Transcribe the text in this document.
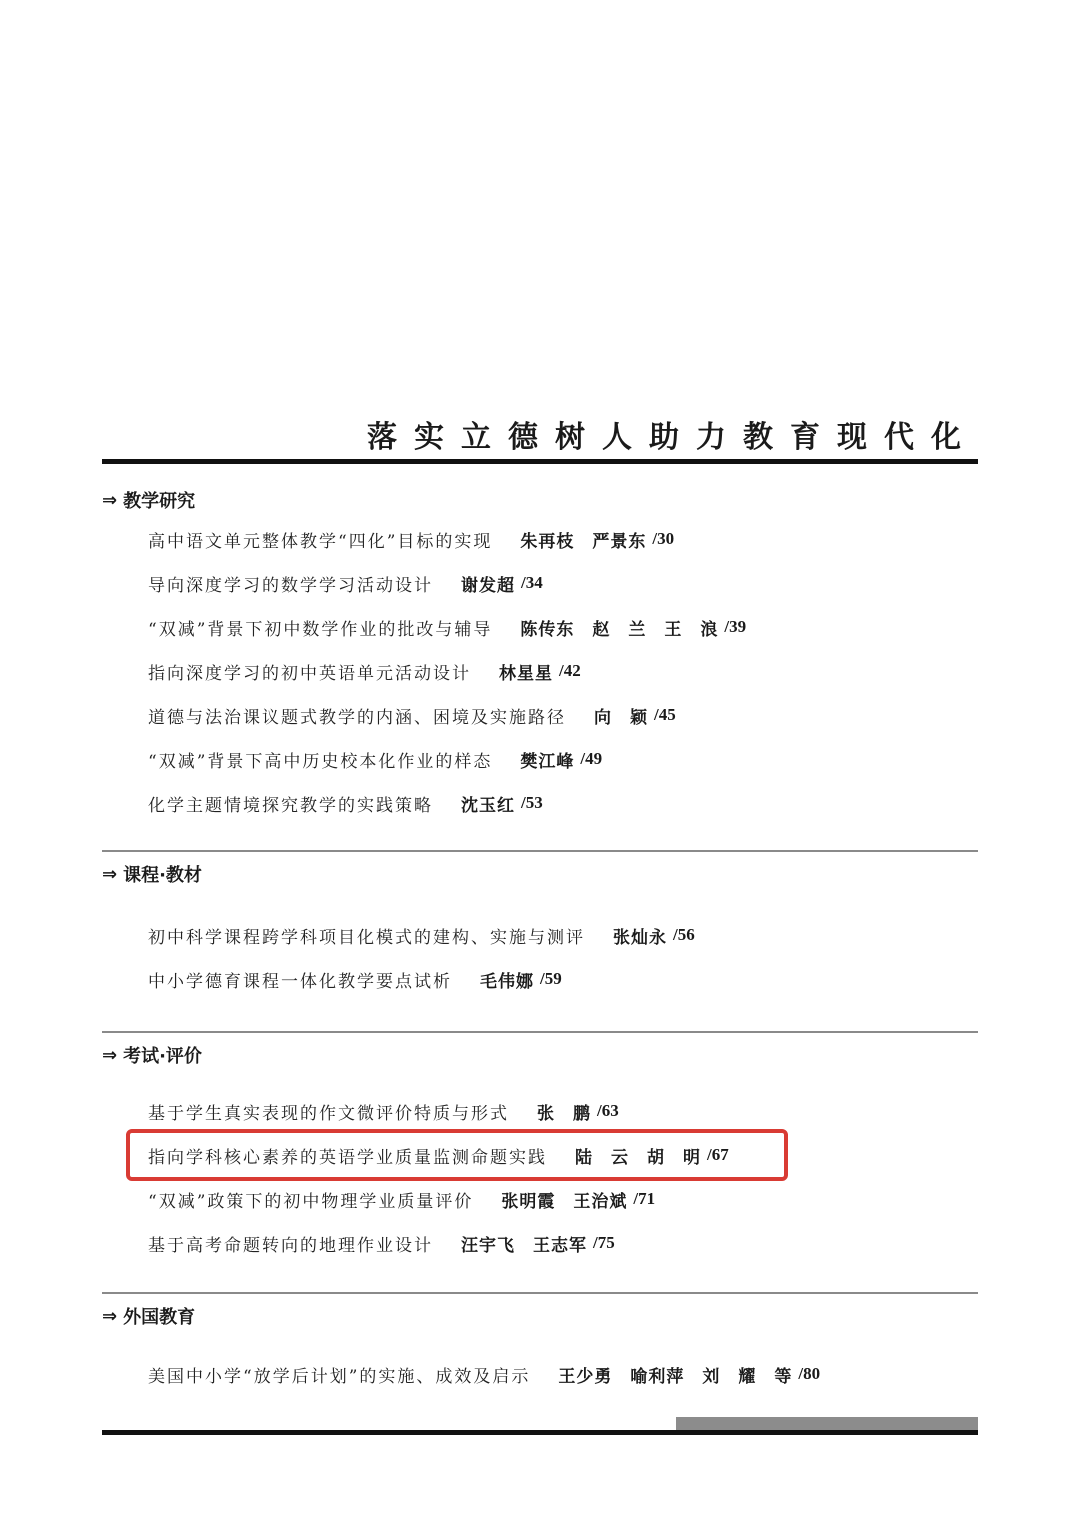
落实立德树人助力教育现代化
⇒ 教学研究
高中语文单元整体教学“四化”目标的实现 朱再枝　严景东 /30
导向深度学习的数学学习活动设计 谢发超 /34
“双减”背景下初中数学作业的批改与辅导 陈传东　赵　兰　王　浪 /39
指向深度学习的初中英语单元活动设计 林星星 /42
道德与法治课议题式教学的内涵、困境及实施路径 向　颖 /45
“双减”背景下高中历史校本化作业的样态 樊江峰 /49
化学主题情境探究教学的实践策略 沈玉红 /53
⇒ 课程·教材
初中科学课程跨学科项目化模式的建构、实施与测评 张灿永 /56
中小学德育课程一体化教学要点试析 毛伟娜 /59
⇒ 考试·评价
基于学生真实表现的作文微评价特质与形式 张　鹏 /63
指向学科核心素养的英语学业质量监测命题实践 陆　云　胡　明 /67
“双减”政策下的初中物理学业质量评价 张明霞　王治斌 /71
基于高考命题转向的地理作业设计 汪宇飞　王志军 /75
⇒ 外国教育
美国中小学“放学后计划”的实施、成效及启示 王少勇　喻利萍　刘　耀　等 /80
